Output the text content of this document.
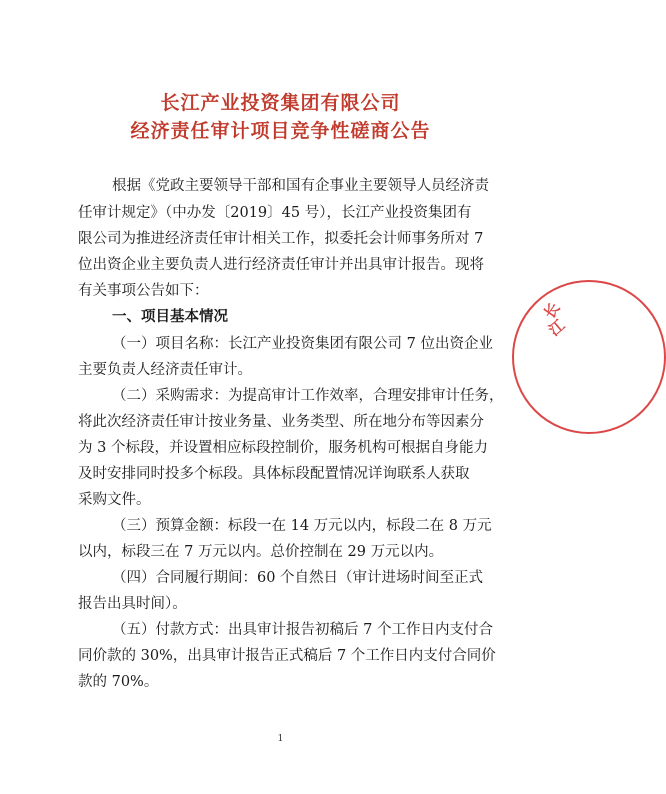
长江产业投资集团有限公司
经济责任审计项目竞争性磋商公告
根据《党政主要领导干部和国有企事业主要领导人员经济责
任审计规定》（中办发〔2019〕45 号），长江产业投资集团有
限公司为推进经济责任审计相关工作，拟委托会计师事务所对 7
位出资企业主要负责人进行经济责任审计并出具审计报告。现将
有关事项公告如下：
一、项目基本情况
（一）项目名称：长江产业投资集团有限公司 7 位出资企业
主要负责人经济责任审计。
（二）采购需求：为提高审计工作效率，合理安排审计任务，
将此次经济责任审计按业务量、业务类型、所在地分布等因素分
为 3 个标段，并设置相应标段控制价，服务机构可根据自身能力
及时安排同时投多个标段。具体标段配置情况详询联系人获取
采购文件。
（三）预算金额：标段一在 14 万元以内，标段二在 8 万元
以内，标段三在 7 万元以内。总价控制在 29 万元以内。
（四）合同履行期间：60 个自然日（审计进场时间至正式
报告出具时间）。
（五）付款方式：出具审计报告初稿后 7 个工作日内支付合
同价款的 30%，出具审计报告正式稿后 7 个工作日内支付合同价
款的 70%。
1
长
江
